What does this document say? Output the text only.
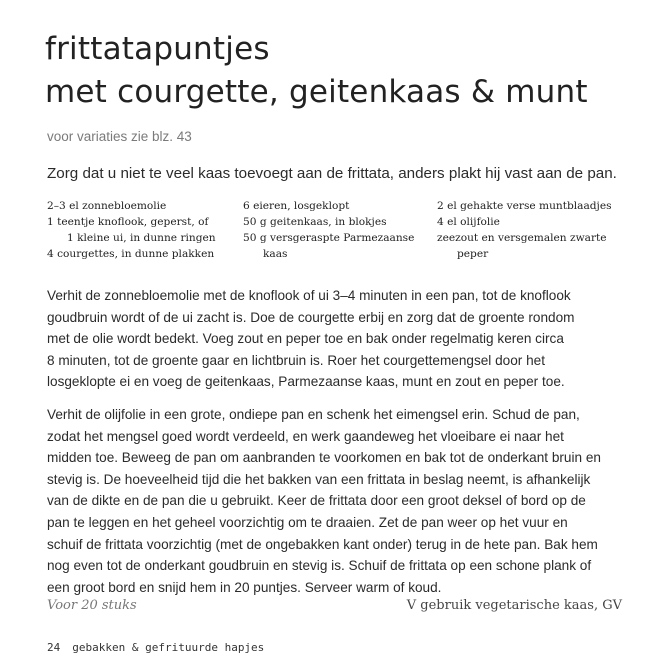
frittatapuntjes
met courgette, geitenkaas & munt
voor variaties zie blz. 43
Zorg dat u niet te veel kaas toevoegt aan de frittata, anders plakt hij vast aan de pan.
2–3 el zonnebloemolie
1 teentje knoflook, geperst, of
1 kleine ui, in dunne ringen
4 courgettes, in dunne plakken
6 eieren, losgeklopt
50 g geitenkaas, in blokjes
50 g versgeraspte Parmezaanse
kaas
2 el gehakte verse muntblaadjes
4 el olijfolie
zeezout en versgemalen zwarte
peper

Verhit de zonnebloemolie met de knoflook of ui 3–4 minuten in een pan, tot de knoflook
goudbruin wordt of de ui zacht is. Doe de courgette erbij en zorg dat de groente rondom
met de olie wordt bedekt. Voeg zout en peper toe en bak onder regelmatig keren circa
8 minuten, tot de groente gaar en lichtbruin is. Roer het courgettemengsel door het
losgeklopte ei en voeg de geitenkaas, Parmezaanse kaas, munt en zout en peper toe.

Verhit de olijfolie in een grote, ondiepe pan en schenk het eimengsel erin. Schud de pan,
zodat het mengsel goed wordt verdeeld, en werk gaandeweg het vloeibare ei naar het
midden toe. Beweeg de pan om aanbranden te voorkomen en bak tot de onderkant bruin en
stevig is. De hoeveelheid tijd die het bakken van een frittata in beslag neemt, is afhankelijk
van de dikte en de pan die u gebruikt. Keer de frittata door een groot deksel of bord op de
pan te leggen en het geheel voorzichtig om te draaien. Zet de pan weer op het vuur en
schuif de frittata voorzichtig (met de ongebakken kant onder) terug in de hete pan. Bak hem
nog even tot de onderkant goudbruin en stevig is. Schuif de frittata op een schone plank of
een groot bord en snijd hem in 20 puntjes. Serveer warm of koud.

Voor 20 stuks	V gebruik vegetarische kaas, GV
24 gebakken & gefrituurde hapjes
